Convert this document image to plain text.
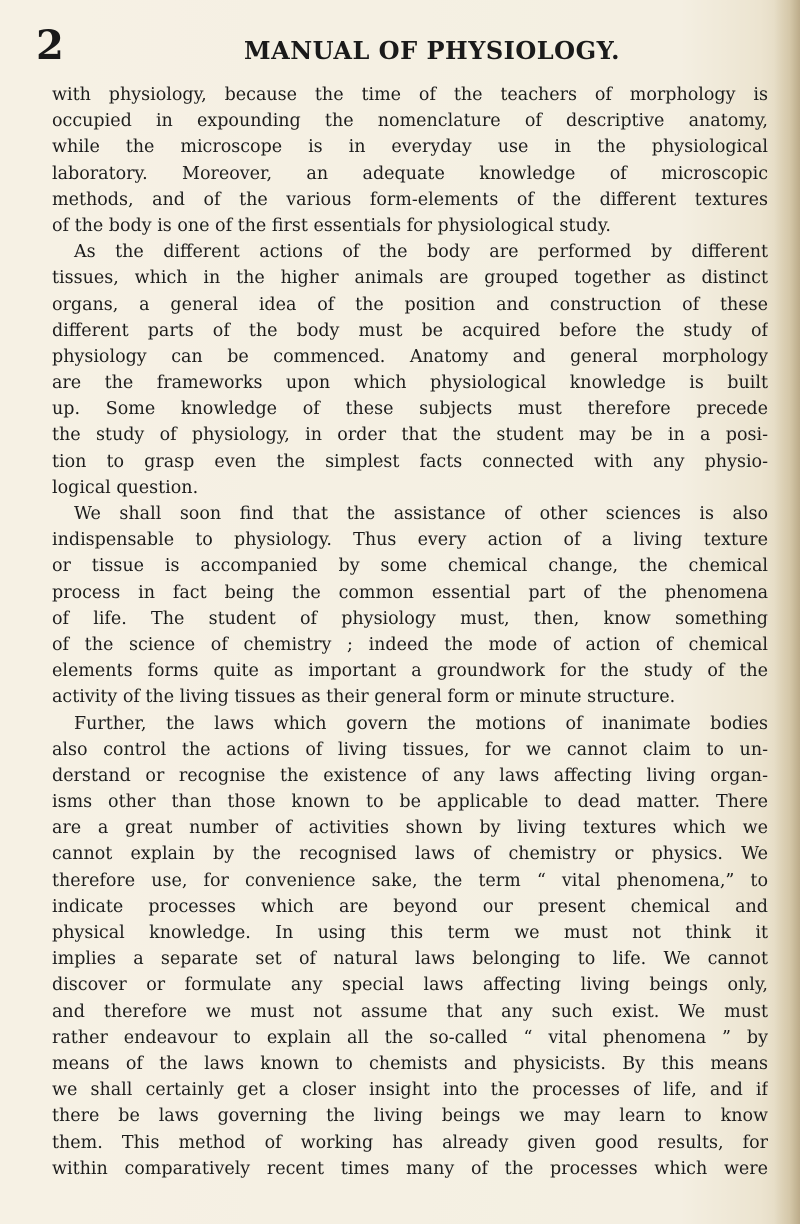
2	MANUAL OF PHYSIOLOGY.
with physiology, because the time of the teachers of morphology is
occupied in expounding the nomenclature of descriptive anatomy,
while the microscope is in everyday use in the physiological
laboratory. Moreover, an adequate knowledge of microscopic
methods, and of the various form-elements of the different textures
of the body is one of the first essentials for physiological study.
As the different actions of the body are performed by different
tissues, which in the higher animals are grouped together as distinct
organs, a general idea of the position and construction of these
different parts of the body must be acquired before the study of
physiology can be commenced. Anatomy and general morphology
are the frameworks upon which physiological knowledge is built
up. Some knowledge of these subjects must therefore precede
the study of physiology, in order that the student may be in a posi-
tion to grasp even the simplest facts connected with any physio-
logical question.
We shall soon find that the assistance of other sciences is also
indispensable to physiology. Thus every action of a living texture
or tissue is accompanied by some chemical change, the chemical
process in fact being the common essential part of the phenomena
of life. The student of physiology must, then, know something
of the science of chemistry ; indeed the mode of action of chemical
elements forms quite as important a groundwork for the study of the
activity of the living tissues as their general form or minute structure.
Further, the laws which govern the motions of inanimate bodies
also control the actions of living tissues, for we cannot claim to un-
derstand or recognise the existence of any laws affecting living organ-
isms other than those known to be applicable to dead matter. There
are a great number of activities shown by living textures which we
cannot explain by the recognised laws of chemistry or physics. We
therefore use, for convenience sake, the term “ vital phenomena,” to
indicate processes which are beyond our present chemical and
physical knowledge. In using this term we must not think it
implies a separate set of natural laws belonging to life. We cannot
discover or formulate any special laws affecting living beings only,
and therefore we must not assume that any such exist. We must
rather endeavour to explain all the so-called “ vital phenomena ” by
means of the laws known to chemists and physicists. By this means
we shall certainly get a closer insight into the processes of life, and if
there be laws governing the living beings we may learn to know
them. This method of working has already given good results, for
within comparatively recent times many of the processes which were
